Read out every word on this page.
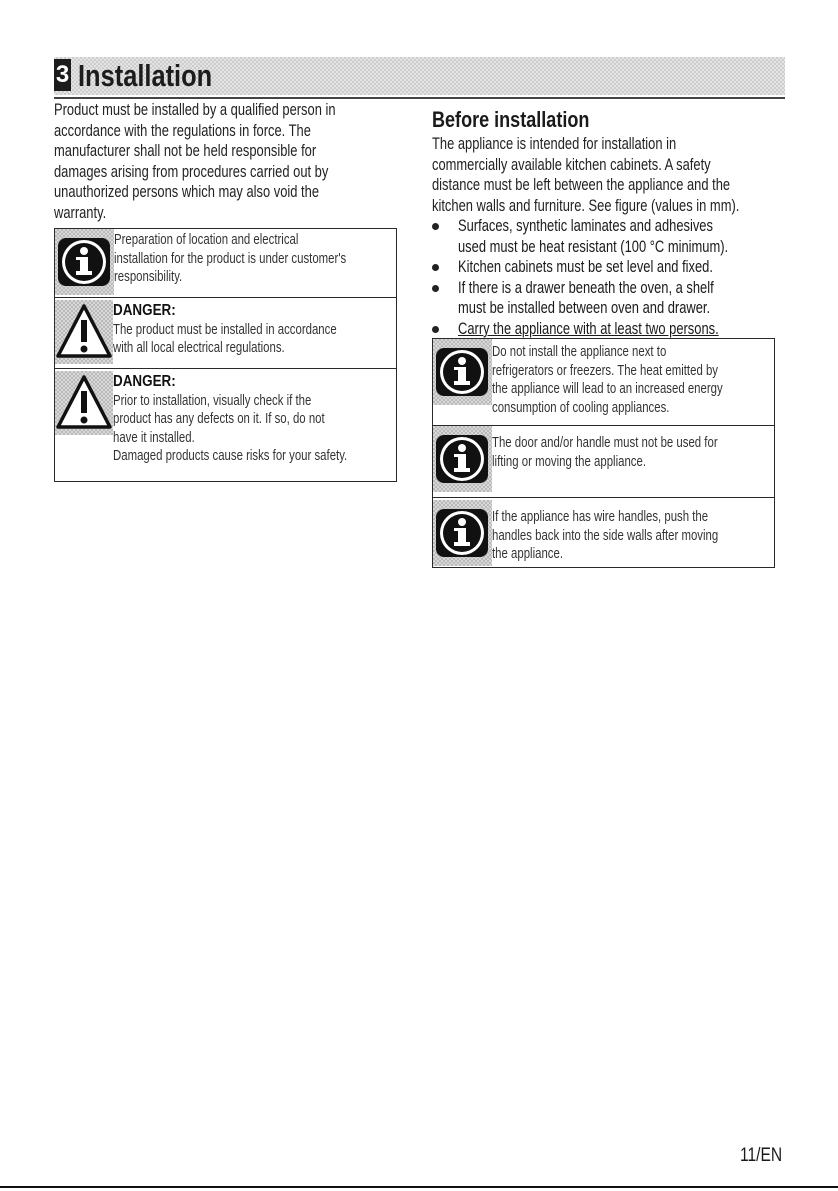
3 Installation
Product must be installed by a qualified person in
accordance with the regulations in force. The
manufacturer shall not be held responsible for
damages arising from procedures carried out by
unauthorized persons which may also void the
warranty.
Preparation of location and electrical
installation for the product is under customer's
responsibility.
DANGER:
The product must be installed in accordance
with all local electrical regulations.
DANGER:
Prior to installation, visually check if the
product has any defects on it. If so, do not
have it installed.
Damaged products cause risks for your safety.
Before installation
The appliance is intended for installation in
commercially available kitchen cabinets. A safety
distance must be left between the appliance and the
kitchen walls and furniture. See figure (values in mm).
Surfaces, synthetic laminates and adhesives
used must be heat resistant (100 °C minimum).
Kitchen cabinets must be set level and fixed.
If there is a drawer beneath the oven, a shelf
must be installed between oven and drawer.
Carry the appliance with at least two persons.
Do not install the appliance next to
refrigerators or freezers. The heat emitted by
the appliance will lead to an increased energy
consumption of cooling appliances.
The door and/or handle must not be used for
lifting or moving the appliance.
If the appliance has wire handles, push the
handles back into the side walls after moving
the appliance.
11/EN
